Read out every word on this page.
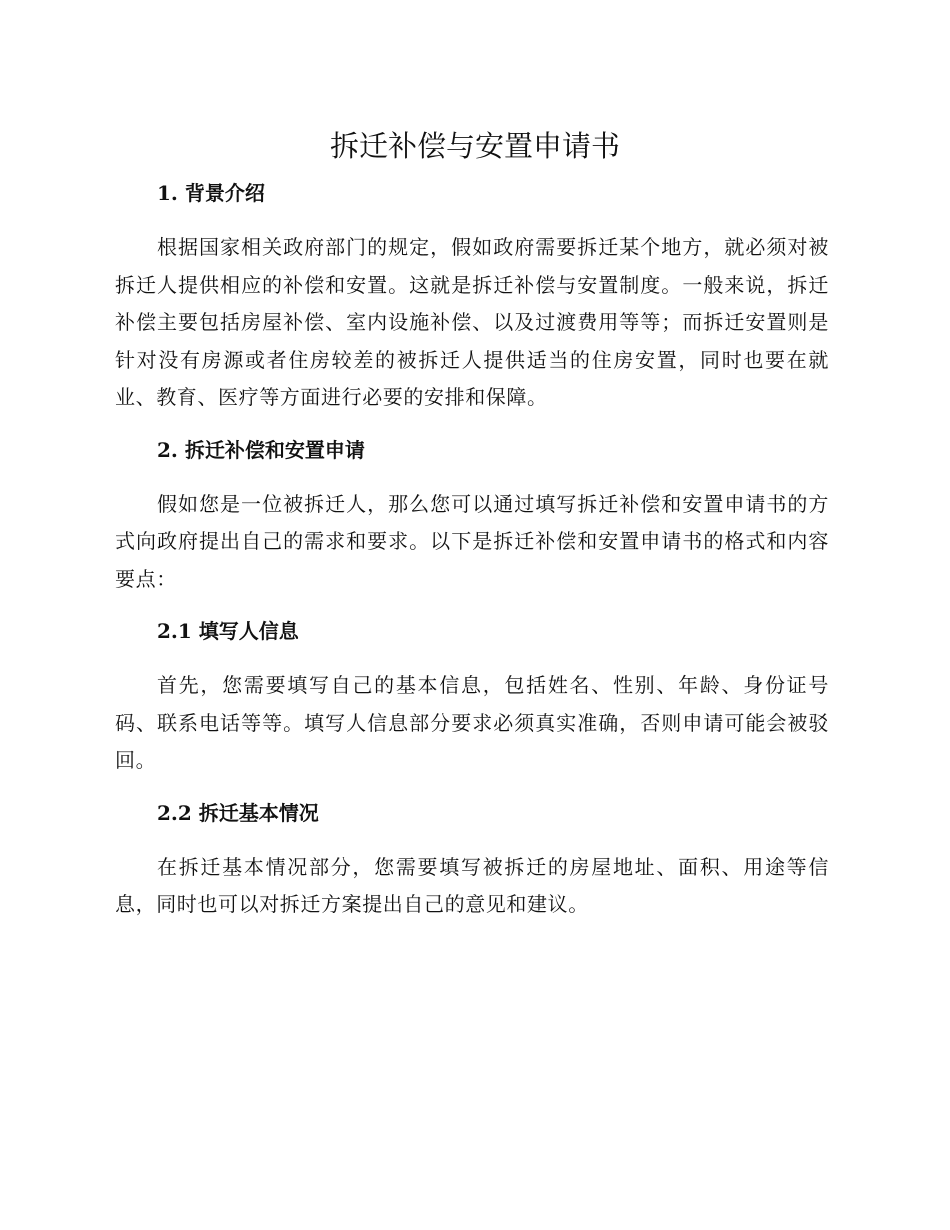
拆迁补偿与安置申请书
1. 背景介绍

根据国家相关政府部门的规定，假如政府需要拆迁某个地方，就必须对被拆迁人提供相应的补偿和安置。这就是拆迁补偿与安置制度。一般来说，拆迁补偿主要包括房屋补偿、室内设施补偿、以及过渡费用等等；而拆迁安置则是针对没有房源或者住房较差的被拆迁人提供适当的住房安置，同时也要在就业、教育、医疗等方面进行必要的安排和保障。

2. 拆迁补偿和安置申请

假如您是一位被拆迁人，那么您可以通过填写拆迁补偿和安置申请书的方式向政府提出自己的需求和要求。以下是拆迁补偿和安置申请书的格式和内容要点：

2.1 填写人信息

首先，您需要填写自己的基本信息，包括姓名、性别、年龄、身份证号码、联系电话等等。填写人信息部分要求必须真实准确，否则申请可能会被驳回。

2.2 拆迁基本情况

在拆迁基本情况部分，您需要填写被拆迁的房屋地址、面积、用途等信息，同时也可以对拆迁方案提出自己的意见和建议。
